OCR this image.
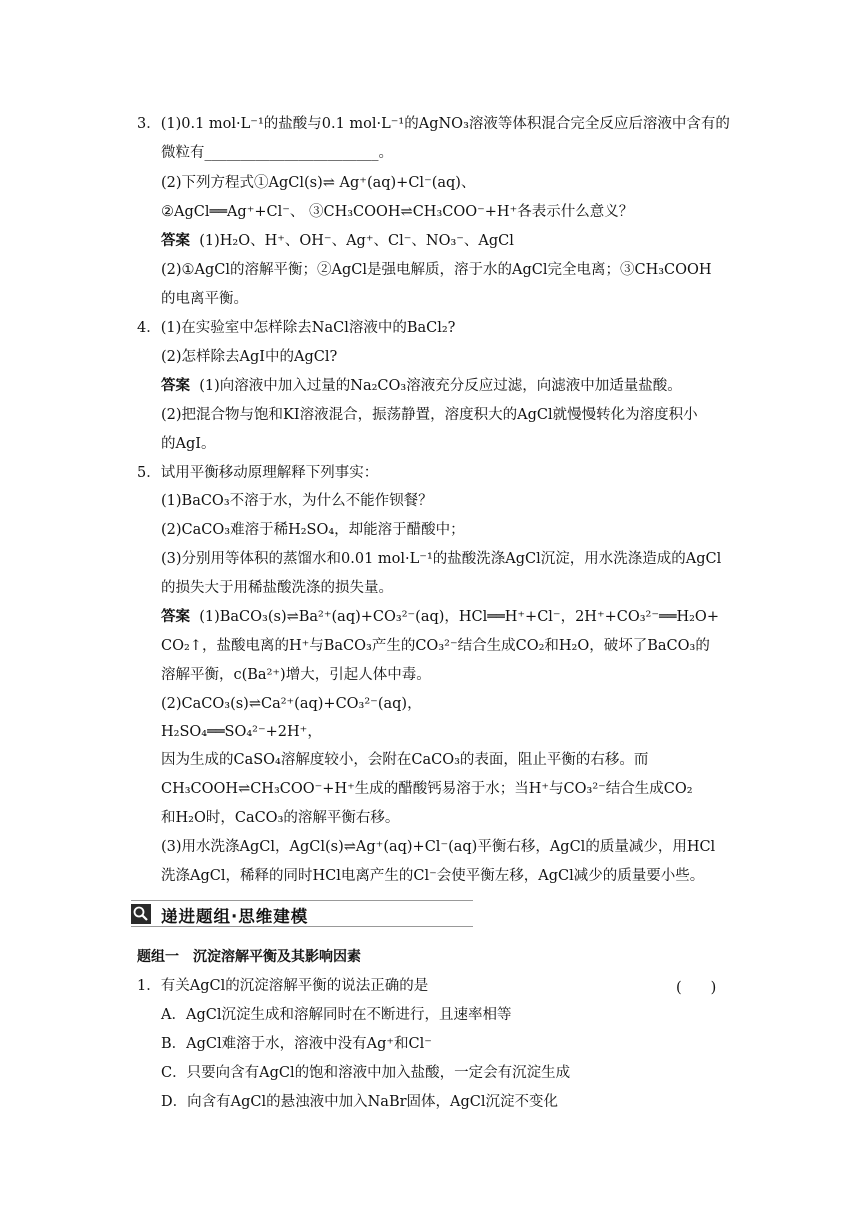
3．(1)0.1 mol·L⁻¹的盐酸与0.1 mol·L⁻¹的AgNO₃溶液等体积混合完全反应后溶液中含有的
微粒有________________________。
(2)下列方程式①AgCl(s)⇌ Ag⁺(aq)+Cl⁻(aq)、
②AgCl══Ag⁺+Cl⁻、 ③CH₃COOH⇌CH₃COO⁻+H⁺各表示什么意义？
答案 (1)H₂O、H⁺、OH⁻、Ag⁺、Cl⁻、NO₃⁻、AgCl
(2)①AgCl的溶解平衡；②AgCl是强电解质，溶于水的AgCl完全电离；③CH₃COOH
的电离平衡。
4．(1)在实验室中怎样除去NaCl溶液中的BaCl₂?
(2)怎样除去AgI中的AgCl?
答案 (1)向溶液中加入过量的Na₂CO₃溶液充分反应过滤，向滤液中加适量盐酸。
(2)把混合物与饱和KI溶液混合，振荡静置，溶度积大的AgCl就慢慢转化为溶度积小
的AgI。
5．试用平衡移动原理解释下列事实：
(1)BaCO₃不溶于水，为什么不能作钡餐？
(2)CaCO₃难溶于稀H₂SO₄，却能溶于醋酸中；
(3)分别用等体积的蒸馏水和0.01 mol·L⁻¹的盐酸洗涤AgCl沉淀，用水洗涤造成的AgCl
的损失大于用稀盐酸洗涤的损失量。
答案 (1)BaCO₃(s)⇌Ba²⁺(aq)+CO₃²⁻(aq)，HCl══H⁺+Cl⁻，2H⁺+CO₃²⁻══H₂O+
CO₂↑，盐酸电离的H⁺与BaCO₃产生的CO₃²⁻结合生成CO₂和H₂O，破坏了BaCO₃的
溶解平衡，c(Ba²⁺)增大，引起人体中毒。
(2)CaCO₃(s)⇌Ca²⁺(aq)+CO₃²⁻(aq)，
H₂SO₄══SO₄²⁻+2H⁺，
因为生成的CaSO₄溶解度较小，会附在CaCO₃的表面，阻止平衡的右移。而
CH₃COOH⇌CH₃COO⁻+H⁺生成的醋酸钙易溶于水；当H⁺与CO₃²⁻结合生成CO₂
和H₂O时，CaCO₃的溶解平衡右移。
(3)用水洗涤AgCl，AgCl(s)⇌Ag⁺(aq)+Cl⁻(aq)平衡右移，AgCl的质量减少，用HCl
洗涤AgCl，稀释的同时HCl电离产生的Cl⁻会使平衡左移，AgCl减少的质量要小些。
递进题组·思维建模
题组一　沉淀溶解平衡及其影响因素
1．有关AgCl的沉淀溶解平衡的说法正确的是	(　　)
A．AgCl沉淀生成和溶解同时在不断进行，且速率相等
B．AgCl难溶于水，溶液中没有Ag⁺和Cl⁻
C．只要向含有AgCl的饱和溶液中加入盐酸，一定会有沉淀生成
D．向含有AgCl的悬浊液中加入NaBr固体，AgCl沉淀不变化
